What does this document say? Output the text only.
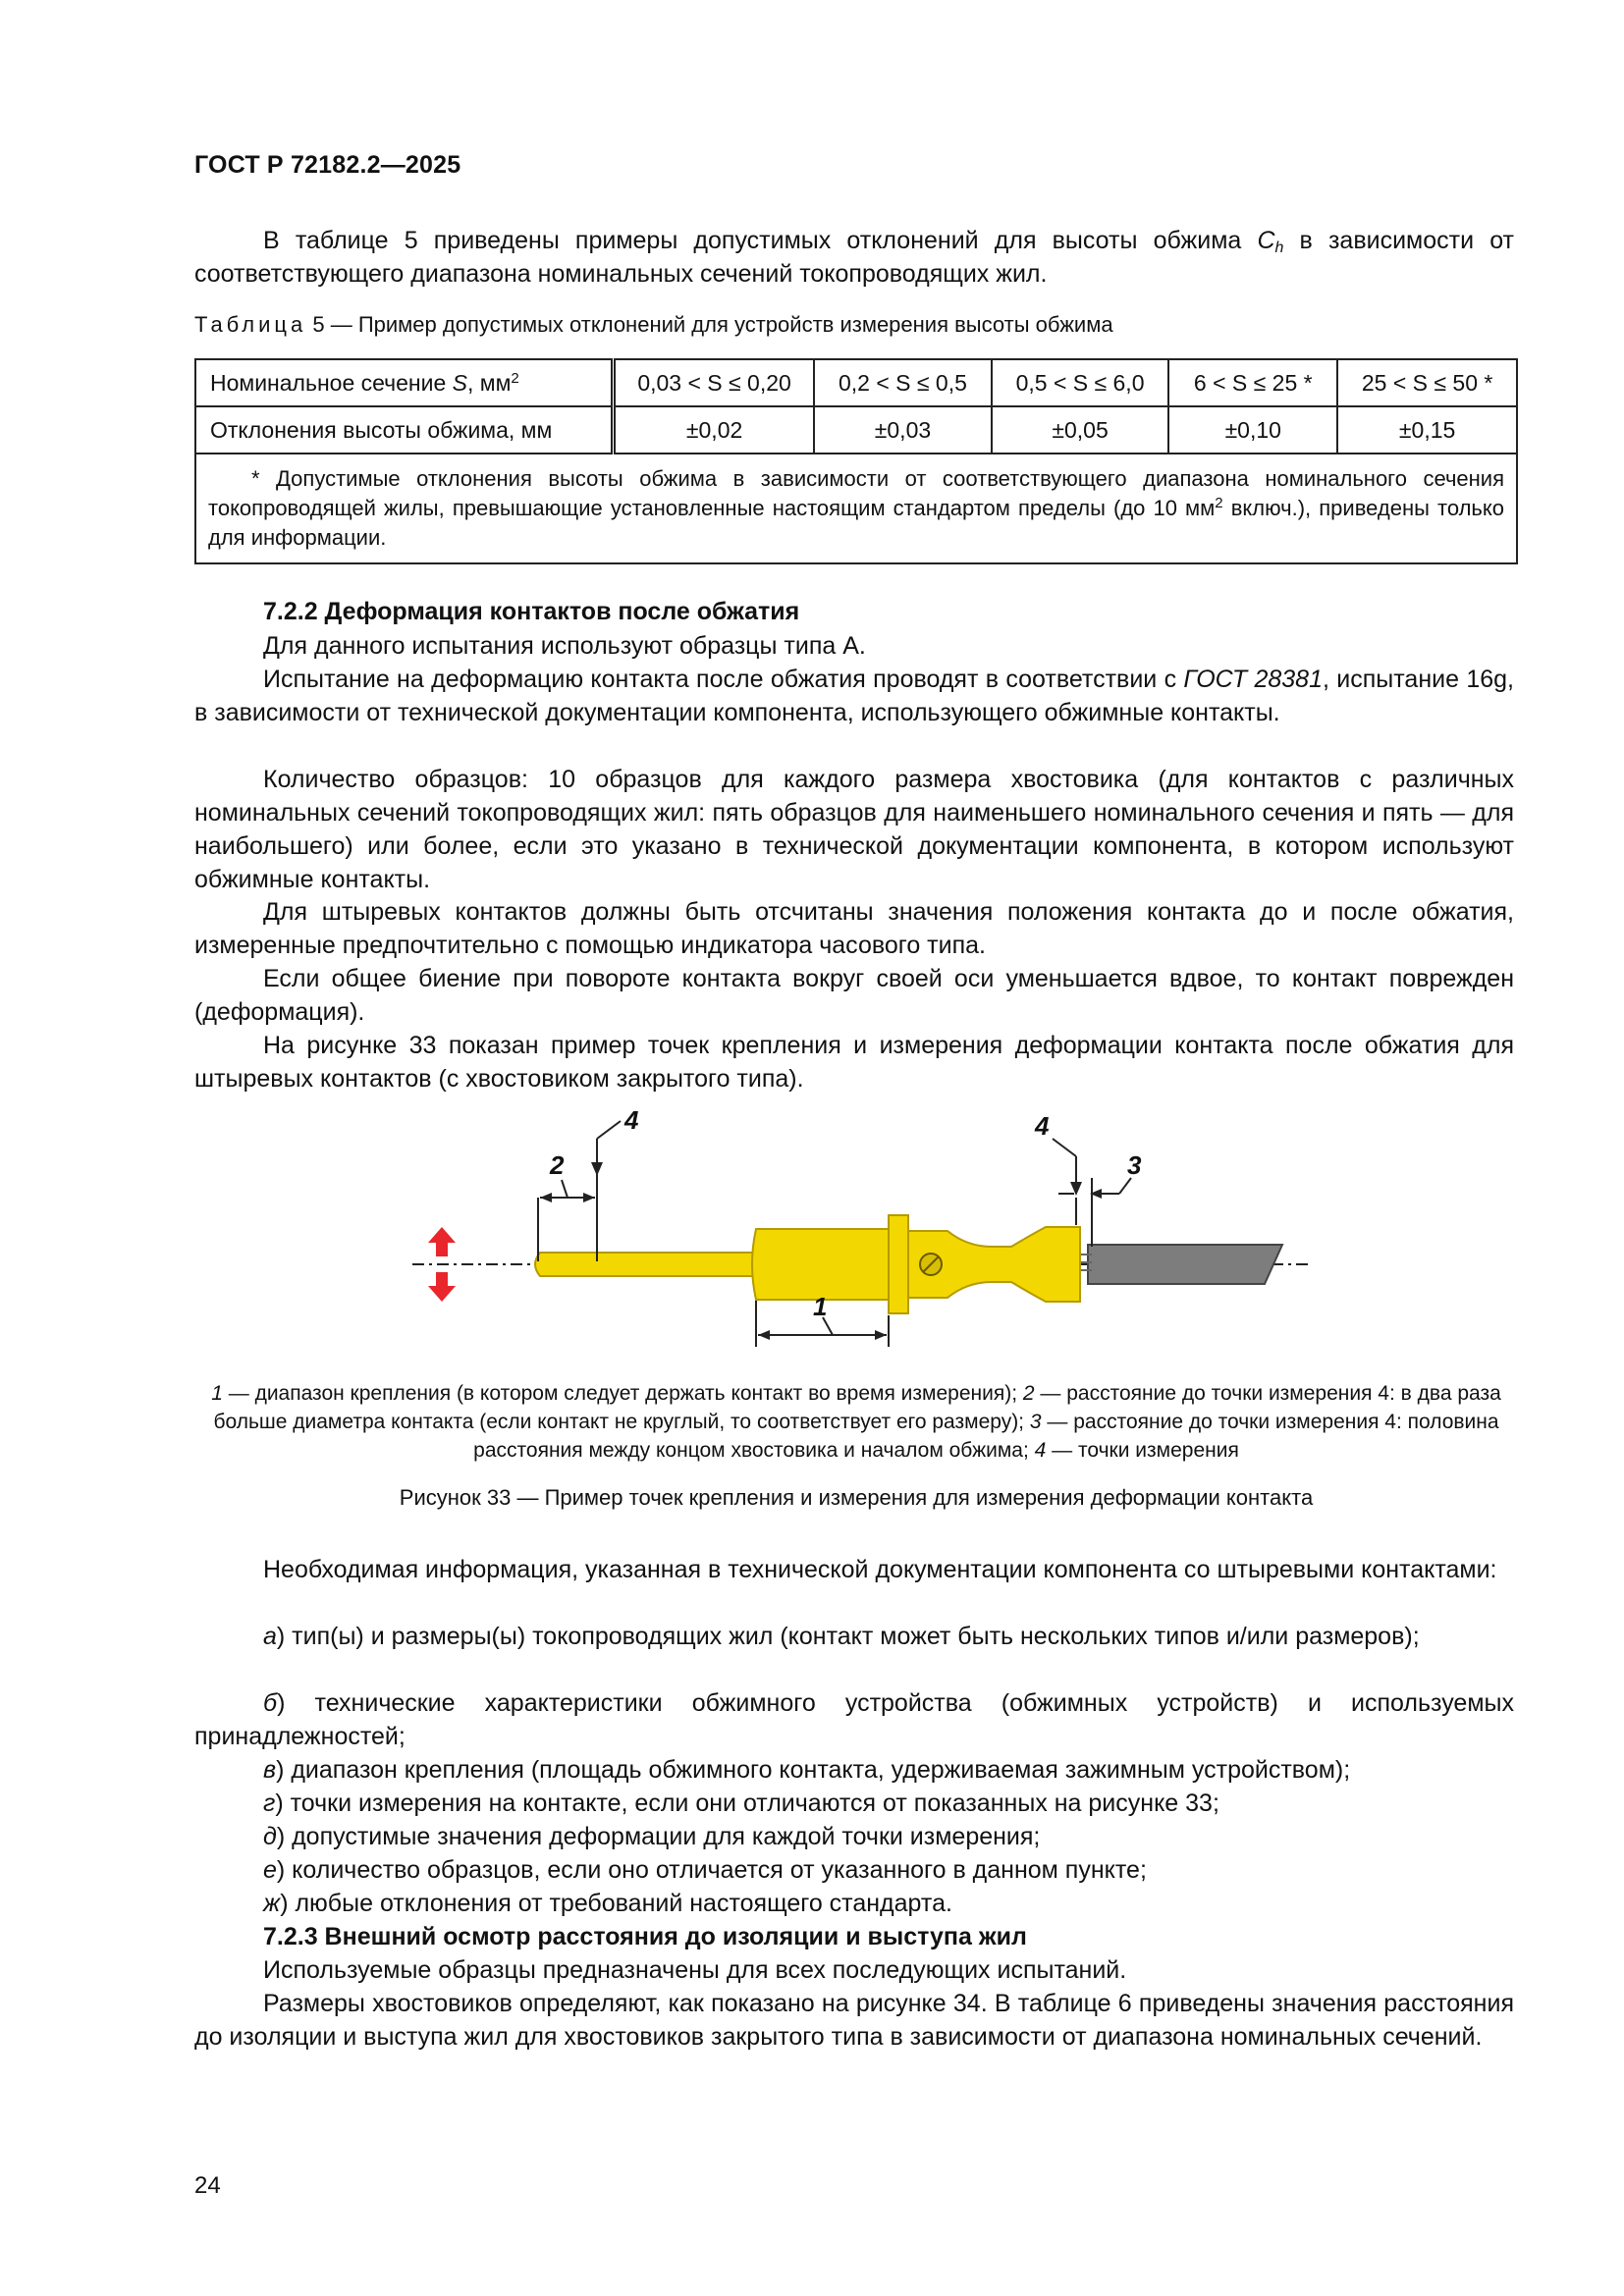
ГОСТ Р 72182.2—2025

В таблице 5 приведены примеры допустимых отклонений для высоты обжима $C_h$ в зависимости от соответствующего диапазона номинальных сечений токопроводящих жил.

Таблица 5 — Пример допустимых отклонений для устройств измерения высоты обжима
Номинальное сечение S, $мм^2$	0,03 < S ≤ 0,20	0,2 < S ≤ 0,5	0,5 < S ≤ 6,0	6 < S ≤ 25 *	25 < S ≤ 50 *
Отклонения высоты обжима, мм	±0,02	±0,03	±0,05	±0,10	±0,15
* Допустимые отклонения высоты обжима в зависимости от соответствующего диапазона номинального сечения токопроводящей жилы, превышающие установленные настоящим стандартом пределы (до 10 $мм^2$ включ.), приведены только для информации.					

7.2.2 Деформация контактов после обжатия

Для данного испытания используют образцы типа А.

Испытание на деформацию контакта после обжатия проводят в соответствии с ГОСТ 28381, испытание 16g, в зависимости от технической документации компонента, использующего обжимные контакты.

Количество образцов: 10 образцов для каждого размера хвостовика (для контактов с различных номинальных сечений токопроводящих жил: пять образцов для наименьшего номинального сечения и пять — для наибольшего) или более, если это указано в технической документации компонента, в котором используют обжимные контакты.

Для штыревых контактов должны быть отсчитаны значения положения контакта до и после обжатия, измеренные предпочтительно с помощью индикатора часового типа.

Если общее биение при повороте контакта вокруг своей оси уменьшается вдвое, то контакт поврежден (деформация).

На рисунке 33 показан пример точек крепления и измерения деформации контакта после обжатия для штыревых контактов (с хвостовиком закрытого типа).

2
4
1
4
3

1 — диапазон крепления (в котором следует держать контакт во время измерения); 2 — расстояние до точки измерения 4: в два раза больше диаметра контакта (если контакт не круглый, то соответствует его размеру); 3 — расстояние до точки измерения 4: половина расстояния между концом хвостовика и началом обжима; 4 — точки измерения

Рисунок 33 — Пример точек крепления и измерения для измерения деформации контакта

Необходимая информация, указанная в технической документации компонента со штыревыми контактами:

а) тип(ы) и размеры(ы) токопроводящих жил (контакт может быть нескольких типов и/или размеров);

б) технические характеристики обжимного устройства (обжимных устройств) и используемых принадлежностей;

в) диапазон крепления (площадь обжимного контакта, удерживаемая зажимным устройством);

г) точки измерения на контакте, если они отличаются от показанных на рисунке 33;

д) допустимые значения деформации для каждой точки измерения;

е) количество образцов, если оно отличается от указанного в данном пункте;

ж) любые отклонения от требований настоящего стандарта.

7.2.3 Внешний осмотр расстояния до изоляции и выступа жил

Используемые образцы предназначены для всех последующих испытаний.

Размеры хвостовиков определяют, как показано на рисунке 34. В таблице 6 приведены значения расстояния до изоляции и выступа жил для хвостовиков закрытого типа в зависимости от диапазона номинальных сечений.

24
